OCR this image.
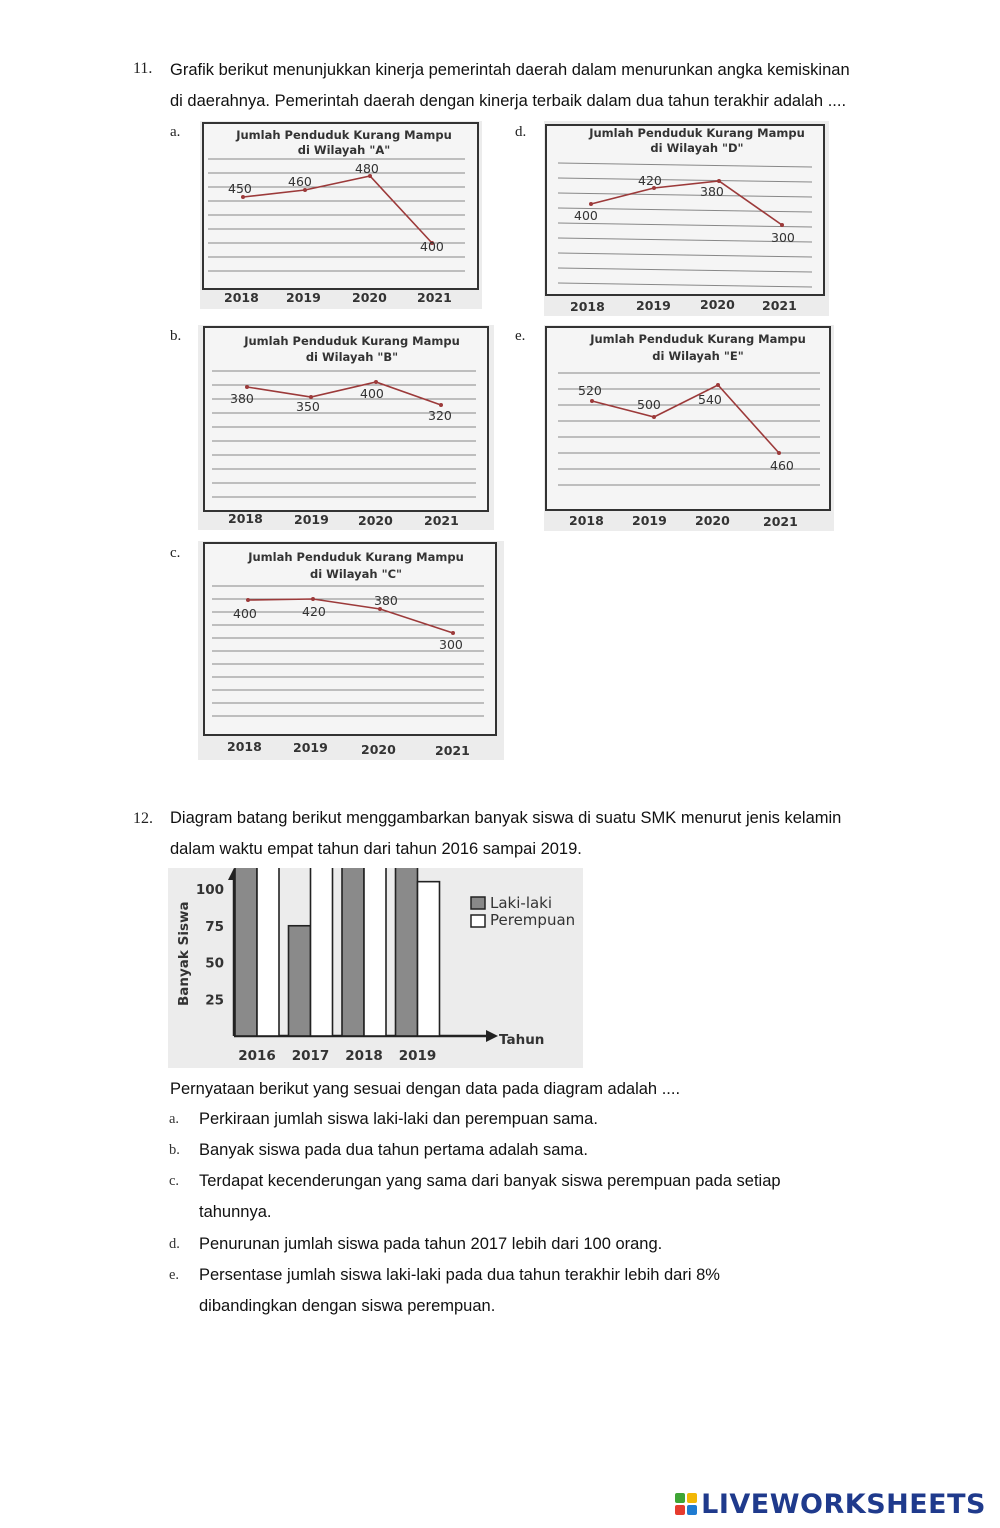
11. Grafik berikut menunjukkan kinerja pemerintah daerah dalam menurunkan angka kemiskinan
di daerahnya. Pemerintah daerah dengan kinerja terbaik dalam dua tahun terakhir adalah ....
a.
b.
c.
d.
e.
Jumlah Penduduk Kurang Mampu
di Wilayah "A"
450	460
480
400
2018 2019 2020 2021
Jumlah Penduduk Kurang Mampu
di Wilayah "D"
400
420
380
300
2018 2019 2020 2021
Jumlah Penduduk Kurang Mampu
di Wilayah "B"
380
350
400
320
2018 2019 2020 2021
Jumlah Penduduk Kurang Mampu
di Wilayah "E"
520
500	540
460
2018 2019 2020	2021
Jumlah Penduduk Kurang Mampu
di Wilayah "C"
400	420
380
300
2018 2019	2020	2021
12. Diagram batang berikut menggambarkan banyak siswa di suatu SMK menurut jenis kelamin
dalam waktu empat tahun dari tahun 2016 sampai 2019.
Banyak Siswa 25
50
75
100
Tahun
2016 2017 2018 2019
Laki-laki
Perempuan
Pernyataan berikut yang sesuai dengan data pada diagram adalah ....
a. Perkiraan jumlah siswa laki-laki dan perempuan sama.
b. Banyak siswa pada dua tahun pertama adalah sama.
c. Terdapat kecenderungan yang sama dari banyak siswa perempuan pada setiap
tahunnya.
d. Penurunan jumlah siswa pada tahun 2017 lebih dari 100 orang.
e. Persentase jumlah siswa laki-laki pada dua tahun terakhir lebih dari 8%
dibandingkan dengan siswa perempuan.
LIVEWORKSHEETS
